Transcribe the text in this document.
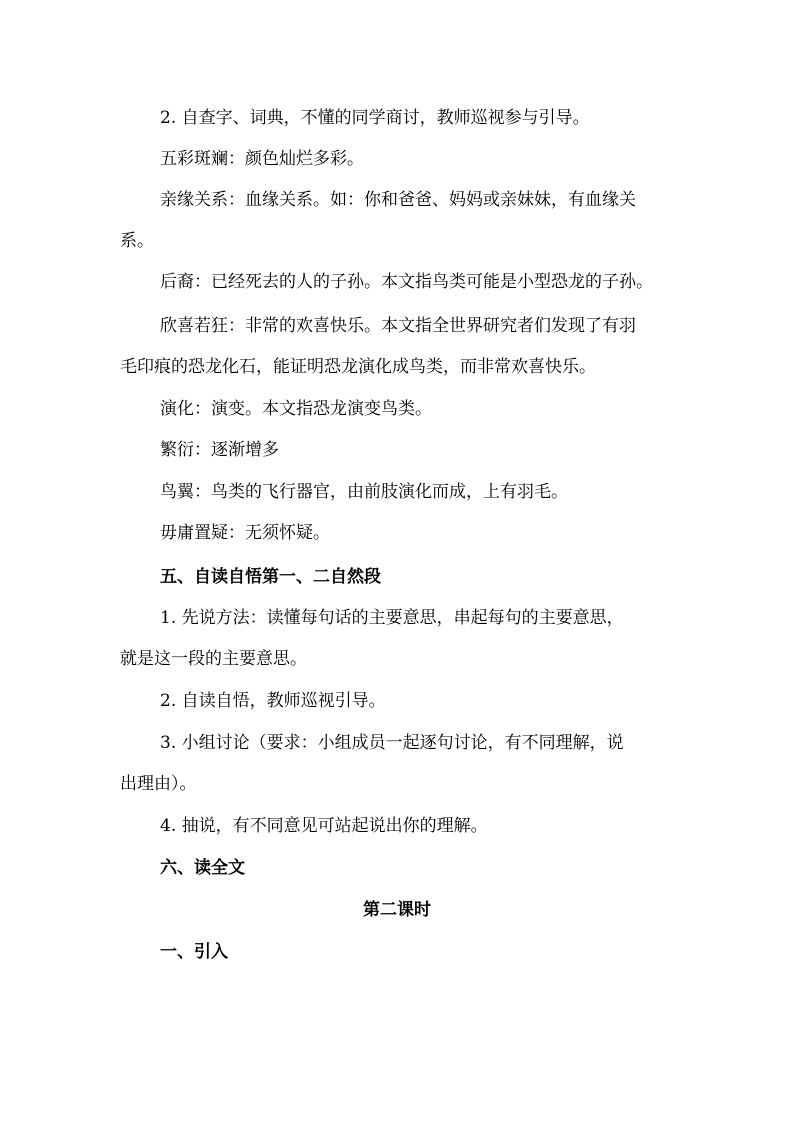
2. 自查字、词典，不懂的同学商讨，教师巡视参与引导。
五彩斑斓：颜色灿烂多彩。
亲缘关系：血缘关系。如：你和爸爸、妈妈或亲妹妹，有血缘关
系。
后裔：已经死去的人的子孙。本文指鸟类可能是小型恐龙的子孙。
欣喜若狂：非常的欢喜快乐。本文指全世界研究者们发现了有羽
毛印痕的恐龙化石，能证明恐龙演化成鸟类，而非常欢喜快乐。
演化：演变。本文指恐龙演变鸟类。
繁衍：逐渐增多
鸟翼：鸟类的飞行器官，由前肢演化而成，上有羽毛。
毋庸置疑：无须怀疑。
五、自读自悟第一、二自然段
1. 先说方法：读懂每句话的主要意思，串起每句的主要意思，
就是这一段的主要意思。
2. 自读自悟，教师巡视引导。
3. 小组讨论（要求：小组成员一起逐句讨论，有不同理解，说
出理由）。
4. 抽说，有不同意见可站起说出你的理解。
六、读全文
第二课时
一、引入
